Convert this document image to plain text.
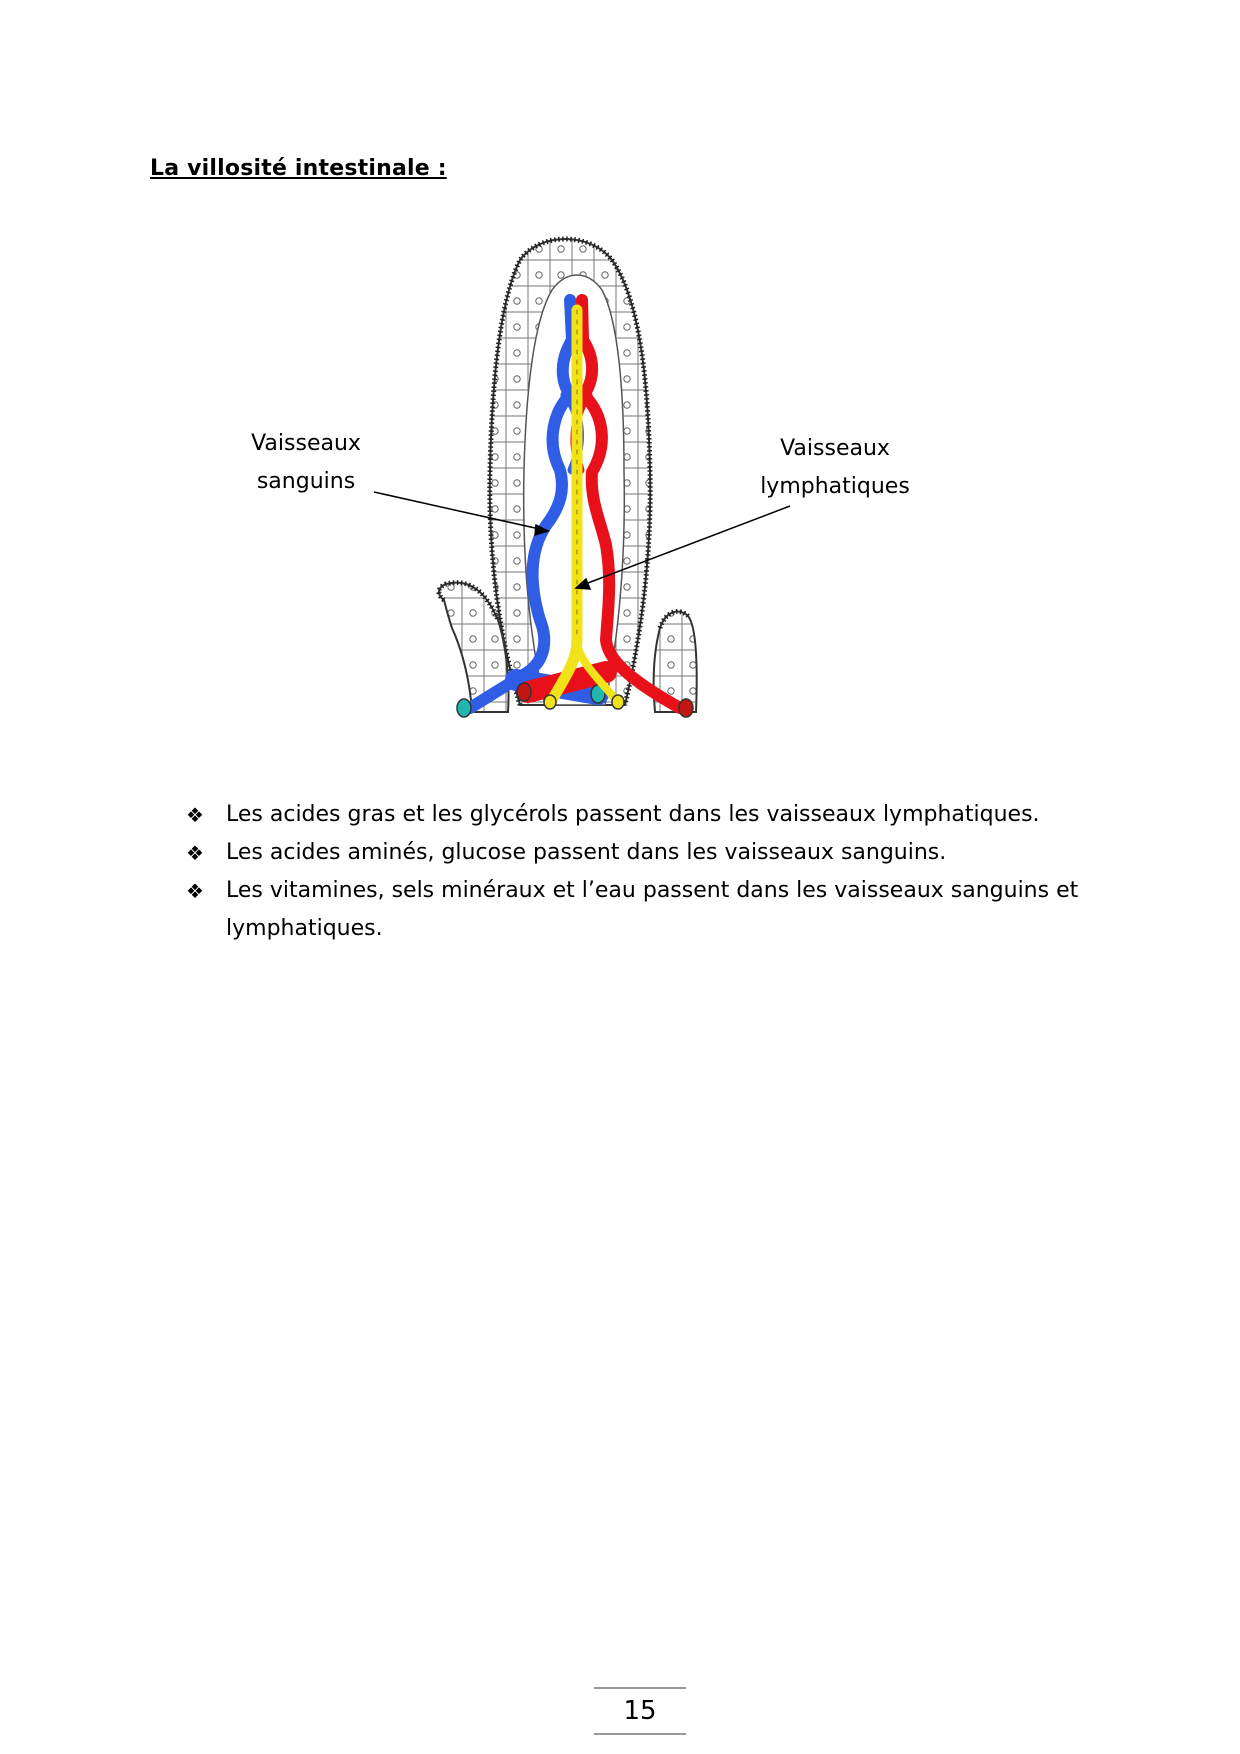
La villosité intestinale :
Vaisseaux
sanguins
Vaisseaux
lymphatiques
❖ Les acides gras et les glycérols passent dans les vaisseaux lymphatiques.
❖ Les acides aminés, glucose passent dans les vaisseaux sanguins.
❖ Les vitamines, sels minéraux et l’eau passent dans les vaisseaux sanguins et lymphatiques.
15
